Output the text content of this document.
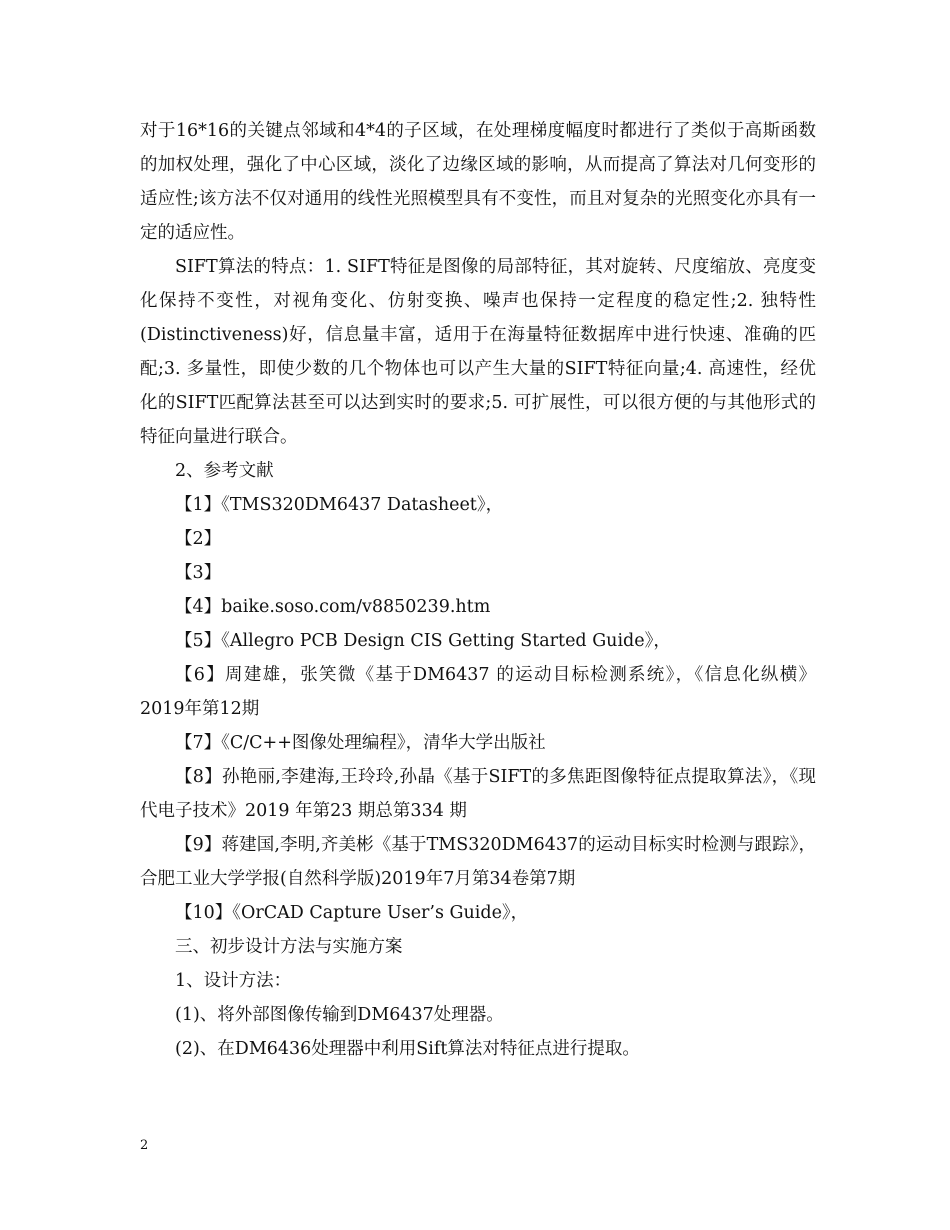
对于16*16的关键点邻域和4*4的子区域，在处理梯度幅度时都进行了类似于高斯函数的加权处理，强化了中心区域，淡化了边缘区域的影响，从而提高了算法对几何变形的适应性;该方法不仅对通用的线性光照模型具有不变性，而且对复杂的光照变化亦具有一定的适应性。

SIFT算法的特点：1. SIFT特征是图像的局部特征，其对旋转、尺度缩放、亮度变化保持不变性，对视角变化、仿射变换、噪声也保持一定程度的稳定性;2. 独特性(Distinctiveness)好，信息量丰富，适用于在海量特征数据库中进行快速、准确的匹配;3. 多量性，即使少数的几个物体也可以产生大量的SIFT特征向量;4. 高速性，经优化的SIFT匹配算法甚至可以达到实时的要求;5. 可扩展性，可以很方便的与其他形式的特征向量进行联合。

2、参考文献

【1】《TMS320DM6437 Datasheet》，

【2】

【3】

【4】baike.soso.com/v8850239.htm

【5】《Allegro PCB Design CIS Getting Started Guide》，

【6】周建雄，张笑微《基于DM6437 的运动目标检测系统》，《信息化纵横》2019年第12期

【7】《C/C++图像处理编程》，清华大学出版社

【8】孙艳丽,李建海,王玲玲,孙晶《基于SIFT的多焦距图像特征点提取算法》，《现代电子技术》2019 年第23 期总第334 期

【9】蒋建国,李明,齐美彬《基于TMS320DM6437的运动目标实时检测与跟踪》，合肥工业大学学报(自然科学版)2019年7月第34卷第7期

【10】《OrCAD Capture User’s Guide》，

三、初步设计方法与实施方案

1、设计方法：

(1)、将外部图像传输到DM6437处理器。

(2)、在DM6436处理器中利用Sift算法对特征点进行提取。

2
